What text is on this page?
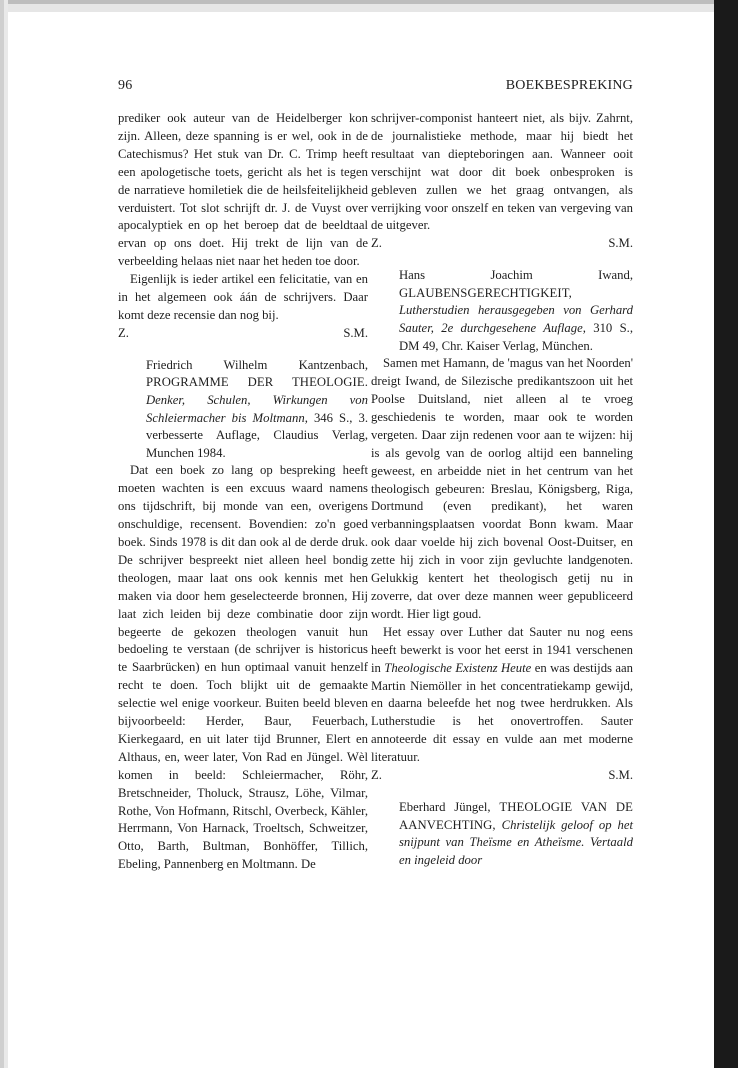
96	BOEKBESPREKING

prediker ook auteur van de Heidelberger kon zijn. Alleen, deze spanning is er wel, ook in de Catechismus? Het stuk van Dr. C. Trimp heeft een apologetische toets, gericht als het is tegen de narratieve homiletiek die de heilsfeitelijkheid verduistert. Tot slot schrijft dr. J. de Vuyst over apocalyptiek en op het beroep dat de beeldtaal ervan op ons doet. Hij trekt de lijn van de verbeelding helaas niet naar het heden toe door.

Eigenlijk is ieder artikel een felicitatie, van en in het algemeen ook áán de schrijvers. Daar komt deze recensie dan nog bij.

Z.	S.M.
Friedrich Wilhelm Kantzenbach, PROGRAMME DER THEOLOGIE. Denker, Schulen, Wirkungen von Schleiermacher bis Moltmann, 346 S., 3. verbesserte Auflage, Claudius Verlag, Munchen 1984.

Dat een boek zo lang op bespreking heeft moeten wachten is een excuus waard namens ons tijdschrift, bij monde van een, overigens onschuldige, recensent. Bovendien: zo'n goed boek. Sinds 1978 is dit dan ook al de derde druk. De schrijver bespreekt niet alleen heel bondig theologen, maar laat ons ook kennis met hen maken via door hem geselecteerde bronnen, Hij laat zich leiden bij deze combinatie door zijn begeerte de gekozen theologen vanuit hun bedoeling te verstaan (de schrijver is historicus te Saarbrücken) en hun optimaal vanuit henzelf recht te doen. Toch blijkt uit de gemaakte selectie wel enige voorkeur. Buiten beeld bleven bijvoorbeeld: Herder, Baur, Feuerbach, Kierkegaard, en uit later tijd Brunner, Elert en Althaus, en, weer later, Von Rad en Jüngel. Wèl komen in beeld: Schleiermacher, Röhr, Bretschneider, Tholuck, Strausz, Löhe, Vilmar, Rothe, Von Hofmann, Ritschl, Overbeck, Kähler, Herrmann, Von Harnack, Troeltsch, Schweitzer, Otto, Barth, Bultman, Bonhöffer, Tillich, Ebeling, Pannenberg en Moltmann. De

schrijver-componist hanteert niet, als bijv. Zahrnt, de journalistieke methode, maar hij biedt het resultaat van diepteboringen aan. Wanneer ooit verschijnt wat door dit boek onbesproken is gebleven zullen we het graag ontvangen, als verrijking voor onszelf en teken van vergeving van de uitgever.

Z.	S.M.
Hans Joachim Iwand, GLAUBENSGERECHTIGKEIT, Lutherstudien herausgegeben von Gerhard Sauter, 2e durchgesehene Auflage, 310 S., DM 49, Chr. Kaiser Verlag, München.

Samen met Hamann, de 'magus van het Noorden' dreigt Iwand, de Silezische predikantszoon uit het Poolse Duitsland, niet alleen al te vroeg geschiedenis te worden, maar ook te worden vergeten. Daar zijn redenen voor aan te wijzen: hij is als gevolg van de oorlog altijd een banneling geweest, en arbeidde niet in het centrum van het theologisch gebeuren: Breslau, Königsberg, Riga, Dortmund (even predikant), het waren verbanningsplaatsen voordat Bonn kwam. Maar ook daar voelde hij zich bovenal Oost-Duitser, en zette hij zich in voor zijn gevluchte landgenoten. Gelukkig kentert het theologisch getij nu in zoverre, dat over deze mannen weer gepubliceerd wordt. Hier ligt goud.

Het essay over Luther dat Sauter nu nog eens heeft bewerkt is voor het eerst in 1941 verschenen in Theologische Existenz Heute en was destijds aan Martin Niemöller in het concentratiekamp gewijd, en daarna beleefde het nog twee herdrukken. Als Lutherstudie is het onovertroffen. Sauter annoteerde dit essay en vulde aan met moderne literatuur.

Z.	S.M.
Eberhard Jüngel, THEOLOGIE VAN DE AANVECHTING, Christelijk geloof op het snijpunt van Theïsme en Atheïsme. Vertaald en ingeleid door
